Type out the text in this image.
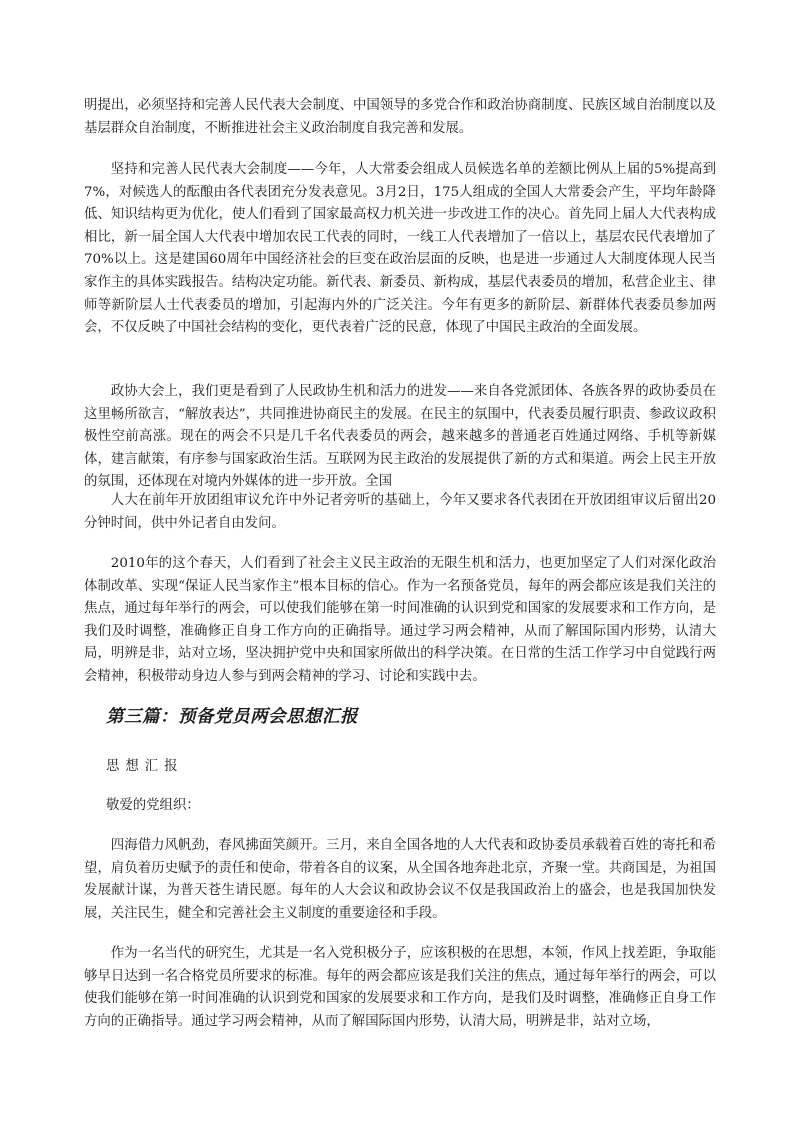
明提出，必须坚持和完善人民代表大会制度、中国领导的多党合作和政治协商制度、民族区域自治制度以及基层群众自治制度，不断推进社会主义政治制度自我完善和发展。

坚持和完善人民代表大会制度——今年，人大常委会组成人员候选名单的差额比例从上届的5%提高到7%，对候选人的酝酿由各代表团充分发表意见。3月2日，175人组成的全国人大常委会产生，平均年龄降低、知识结构更为优化，使人们看到了国家最高权力机关进一步改进工作的决心。首先同上届人大代表构成相比，新一届全国人大代表中增加农民工代表的同时，一线工人代表增加了一倍以上，基层农民代表增加了70%以上。这是建国60周年中国经济社会的巨变在政治层面的反映，也是进一步通过人大制度体现人民当家作主的具体实践报告。结构决定功能。新代表、新委员、新构成，基层代表委员的增加，私营企业主、律师等新阶层人士代表委员的增加，引起海内外的广泛关注。今年有更多的新阶层、新群体代表委员参加两会，不仅反映了中国社会结构的变化，更代表着广泛的民意，体现了中国民主政治的全面发展。

政协大会上，我们更是看到了人民政协生机和活力的进发——来自各党派团体、各族各界的政协委员在这里畅所欲言，“解放表达”，共同推进协商民主的发展。在民主的氛围中，代表委员履行职责、参政议政积极性空前高涨。现在的两会不只是几千名代表委员的两会，越来越多的普通老百姓通过网络、手机等新媒体，建言献策，有序参与国家政治生活。互联网为民主政治的发展提供了新的方式和渠道。两会上民主开放的氛围，还体现在对境内外媒体的进一步开放。全国

人大在前年开放团组审议允许中外记者旁听的基础上，今年又要求各代表团在开放团组审议后留出20分钟时间，供中外记者自由发问。

2010年的这个春天，人们看到了社会主义民主政治的无限生机和活力，也更加坚定了人们对深化政治体制改革、实现“保证人民当家作主”根本目标的信心。作为一名预备党员，每年的两会都应该是我们关注的焦点，通过每年举行的两会，可以使我们能够在第一时间准确的认识到党和国家的发展要求和工作方向，是我们及时调整，准确修正自身工作方向的正确指导。通过学习两会精神，从而了解国际国内形势，认清大局，明辨是非，站对立场，坚决拥护党中央和国家所做出的科学决策。在日常的生活工作学习中自觉践行两会精神，积极带动身边人参与到两会精神的学习、讨论和实践中去。

第三篇：预备党员两会思想汇报

思想汇报

敬爱的党组织：

四海借力风帆劲，春风拂面笑颜开。三月，来自全国各地的人大代表和政协委员承载着百姓的寄托和希望，肩负着历史赋予的责任和使命，带着各自的议案，从全国各地奔赴北京，齐聚一堂。共商国是，为祖国发展献计谋，为普天苍生请民愿。每年的人大会议和政协会议不仅是我国政治上的盛会，也是我国加快发展，关注民生，健全和完善社会主义制度的重要途径和手段。

作为一名当代的研究生，尤其是一名入党积极分子，应该积极的在思想，本领，作风上找差距，争取能够早日达到一名合格党员所要求的标准。每年的两会都应该是我们关注的焦点，通过每年举行的两会，可以使我们能够在第一时间准确的认识到党和国家的发展要求和工作方向，是我们及时调整，准确修正自身工作方向的正确指导。通过学习两会精神，从而了解国际国内形势，认清大局，明辨是非，站对立场，
